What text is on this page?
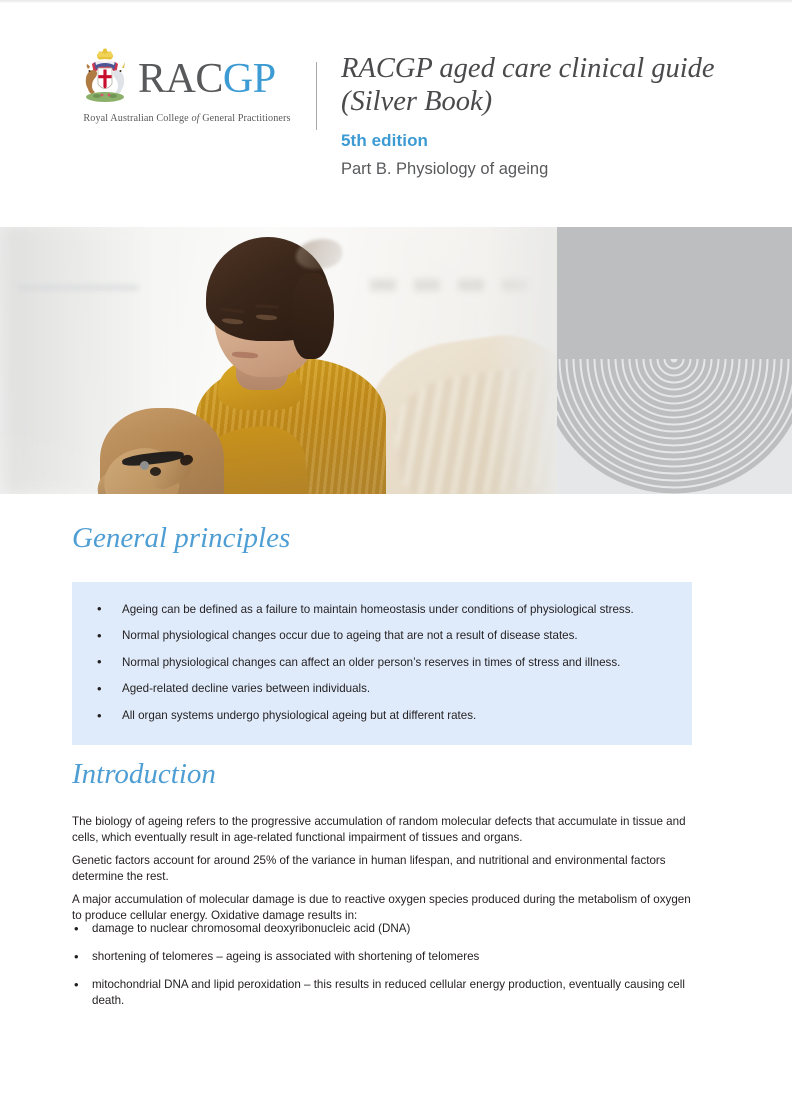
RACGP
Royal Australian College of General Practitioners
RACGP aged care clinical guide (Silver Book)
5th edition
Part B. Physiology of ageing
General principles
• Ageing can be defined as a failure to maintain homeostasis under conditions of physiological stress.
• Normal physiological changes occur due to ageing that are not a result of disease states.
• Normal physiological changes can affect an older person’s reserves in times of stress and illness.
• Aged-related decline varies between individuals.
• All organ systems undergo physiological ageing but at different rates.
Introduction

The biology of ageing refers to the progressive accumulation of random molecular defects that accumulate in tissue and cells, which eventually result in age-related functional impairment of tissues and organs.

Genetic factors account for around 25% of the variance in human lifespan, and nutritional and environmental factors determine the rest.

A major accumulation of molecular damage is due to reactive oxygen species produced during the metabolism of oxygen to produce cellular energy. Oxidative damage results in:

• damage to nuclear chromosomal deoxyribonucleic acid (DNA)
• shortening of telomeres – ageing is associated with shortening of telomeres
• mitochondrial DNA and lipid peroxidation – this results in reduced cellular energy production, eventually causing cell death.
